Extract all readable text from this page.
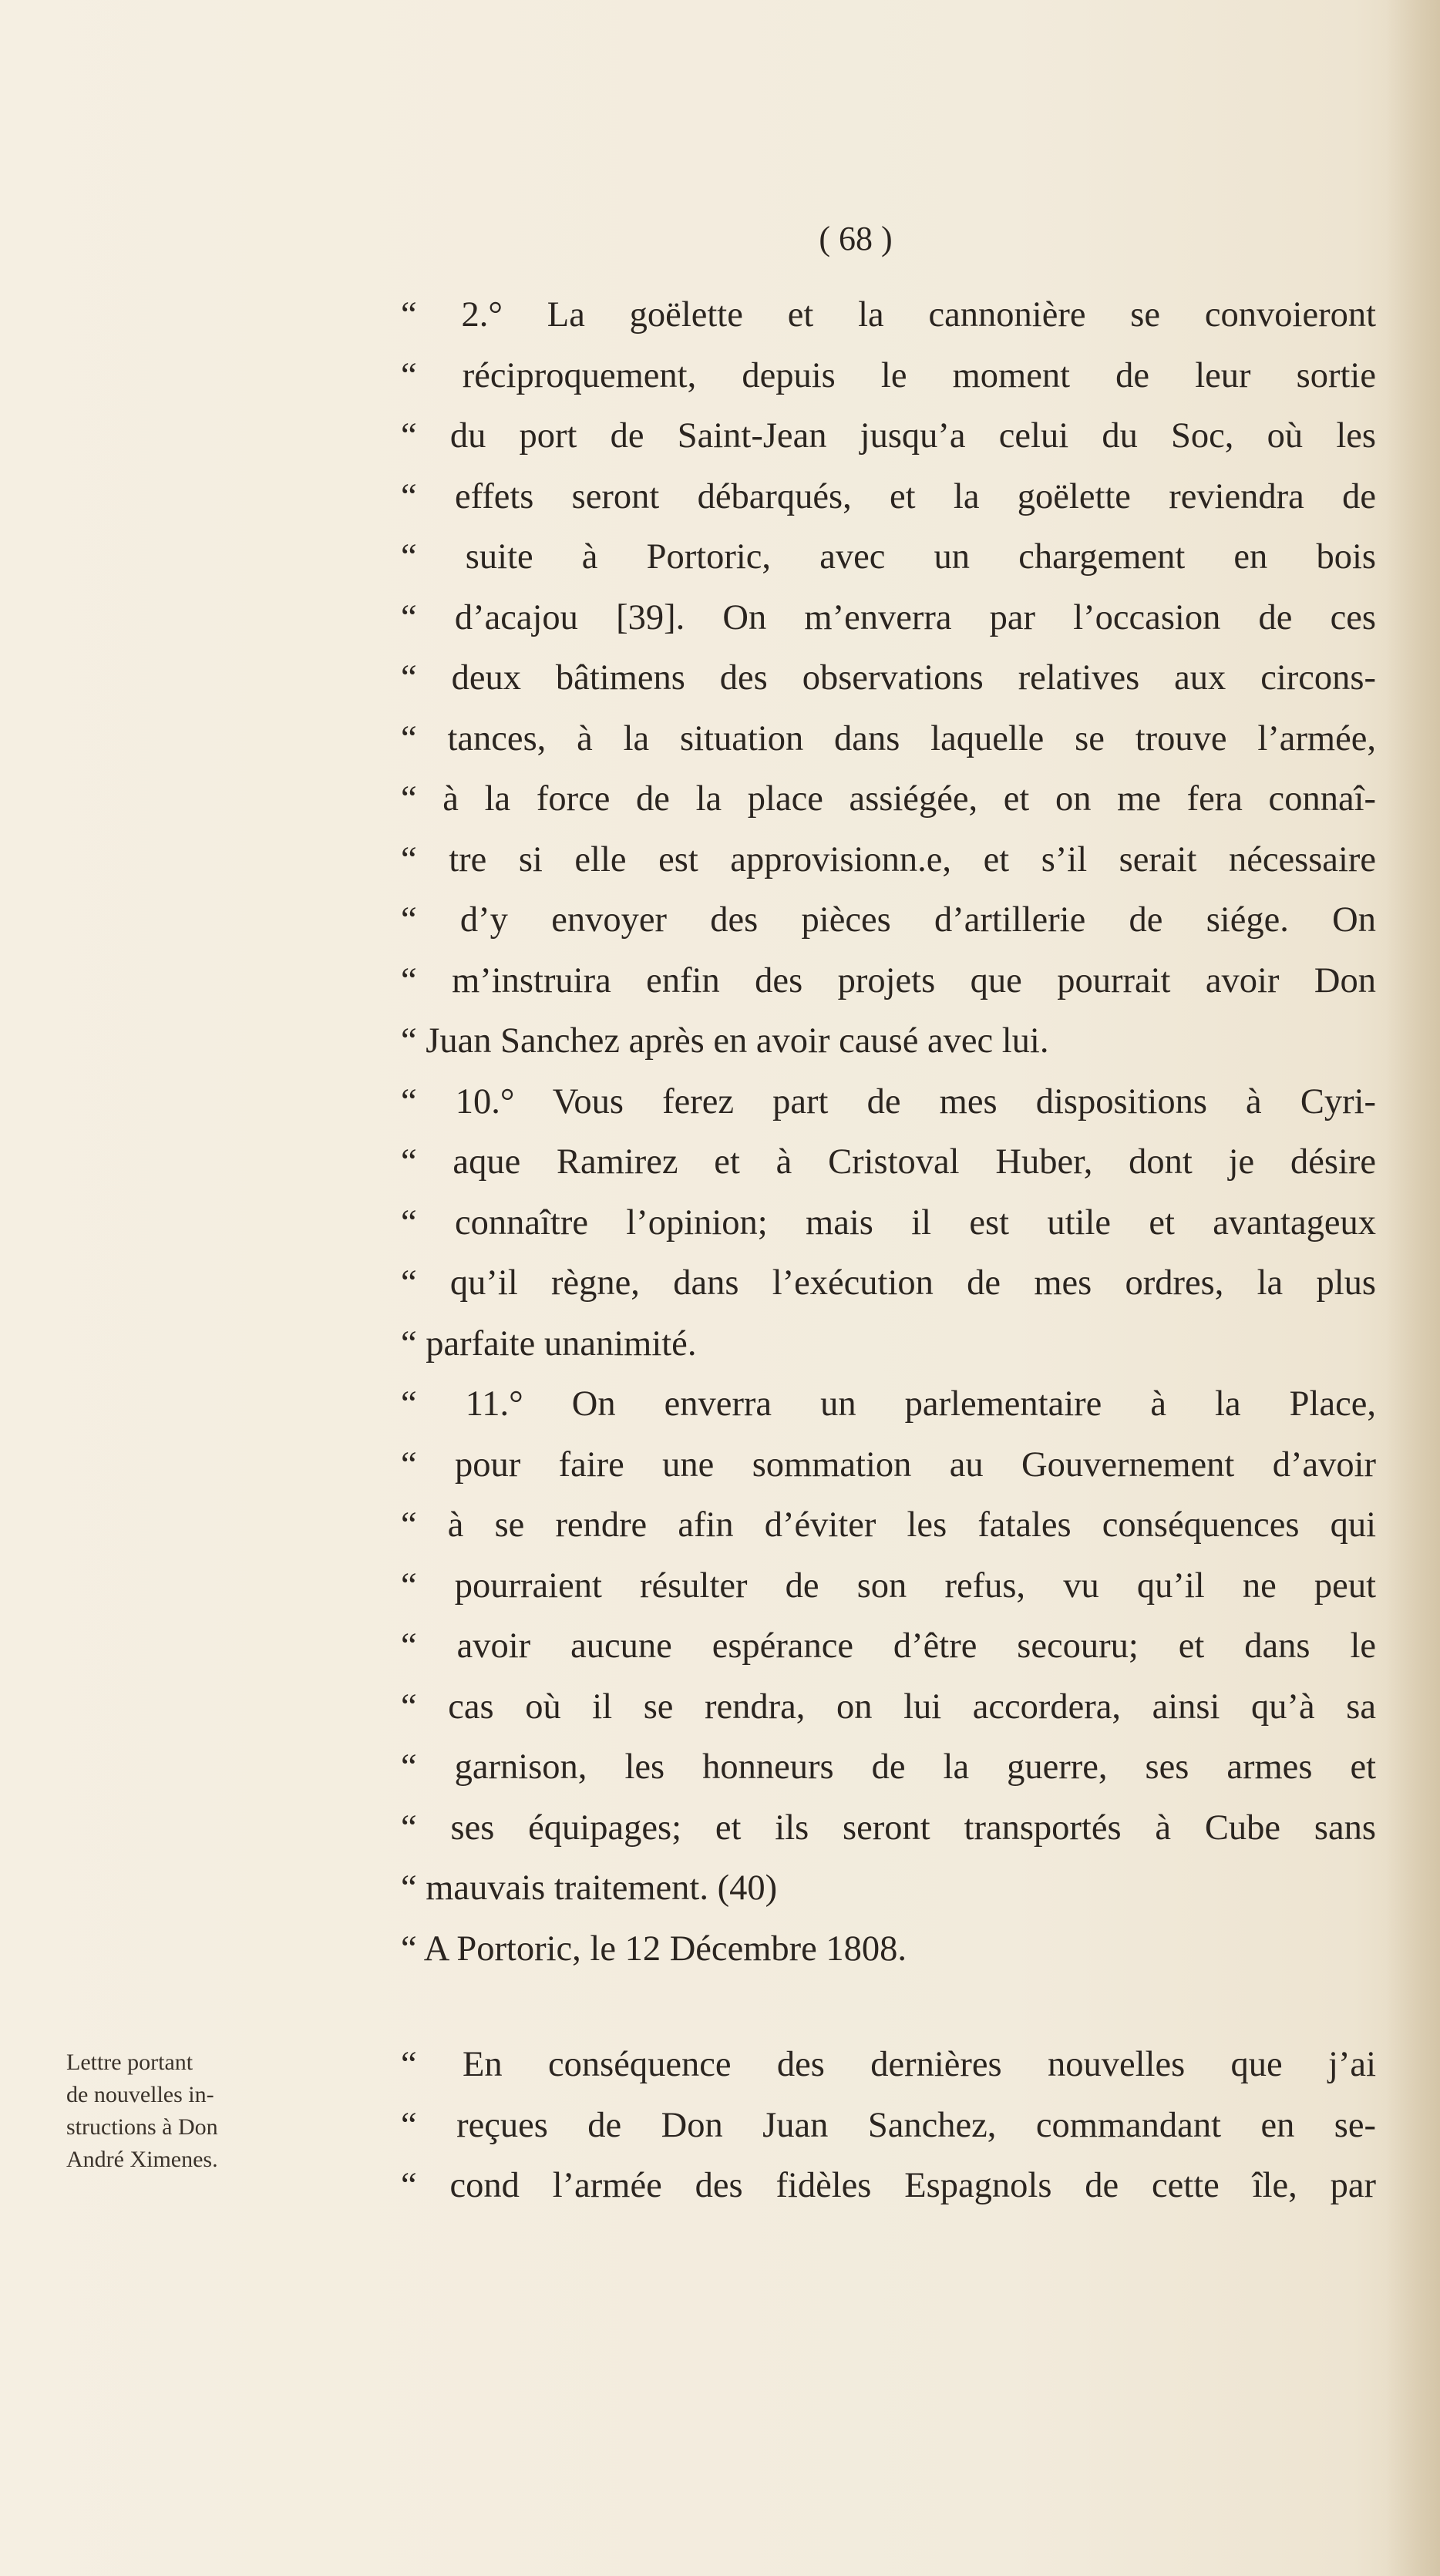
( 68 )
“ 2.° La goëlette et la cannonière se convoieront
“ réciproquement, depuis le moment de leur sortie
“ du port de Saint-Jean jusqu’a celui du Soc, où les
“ effets seront débarqués, et la goëlette reviendra de
“ suite à Portoric, avec un chargement en bois
“ d’acajou [39]. On m’enverra par l’occasion de ces
“ deux bâtimens des observations relatives aux circons-
“ tances, à la situation dans laquelle se trouve l’armée,
“ à la force de la place assiégée, et on me fera connaî-
“ tre si elle est approvisionn.e, et s’il serait nécessaire
“ d’y envoyer des pièces d’artillerie de siége. On
“ m’instruira enfin des projets que pourrait avoir Don
“ Juan Sanchez après en avoir causé avec lui.
“ 10.° Vous ferez part de mes dispositions à Cyri-
“ aque Ramirez et à Cristoval Huber, dont je désire
“ connaître l’opinion; mais il est utile et avantageux
“ qu’il règne, dans l’exécution de mes ordres, la plus
“ parfaite unanimité.
“ 11.° On enverra un parlementaire à la Place,
“ pour faire une sommation au Gouvernement d’avoir
“ à se rendre afin d’éviter les fatales conséquences qui
“ pourraient résulter de son refus, vu qu’il ne peut
“ avoir aucune espérance d’être secouru; et dans le
“ cas où il se rendra, on lui accordera, ainsi qu’à sa
“ garnison, les honneurs de la guerre, ses armes et
“ ses équipages; et ils seront transportés à Cube sans
“ mauvais traitement. (40)
“ A Portoric, le 12 Décembre 1808.
Lettre portant
de nouvelles in-
structions à Don
André Ximenes.
“ En conséquence des dernières nouvelles que j’ai
“ reçues de Don Juan Sanchez, commandant en se-
“ cond l’armée des fidèles Espagnols de cette île, par
